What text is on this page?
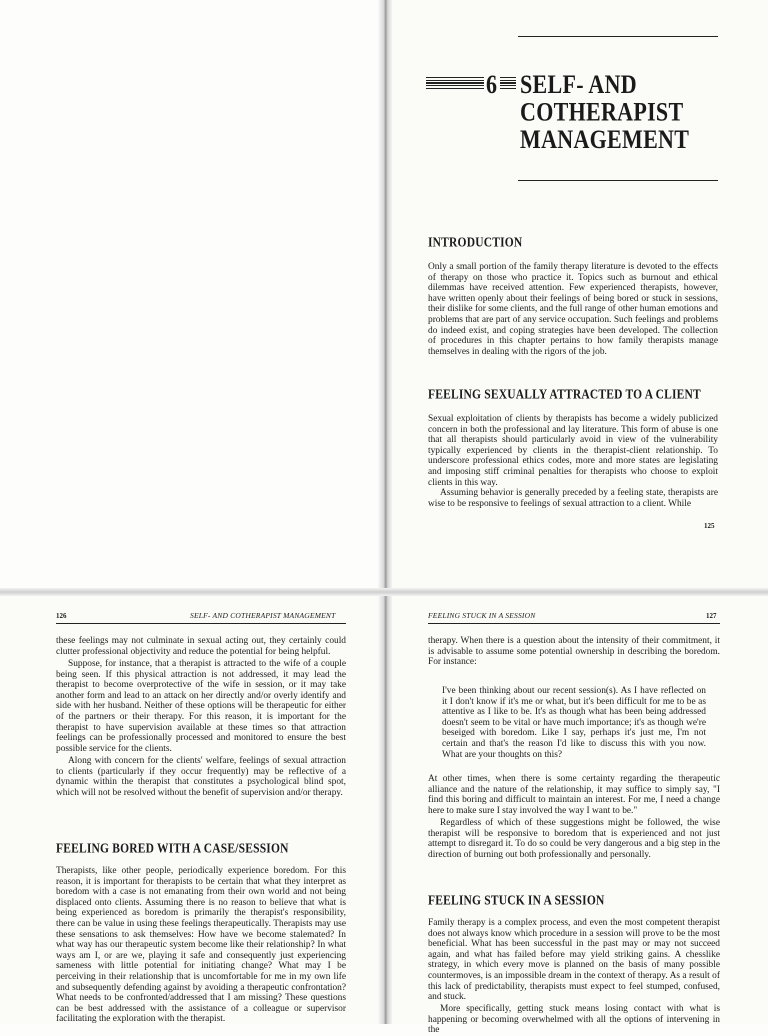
6 SELF- AND
COTHERAPIST
MANAGEMENT
INTRODUCTION

Only a small portion of the family therapy literature is devoted to the effects of therapy on those who practice it. Topics such as burnout and ethical dilemmas have received attention. Few experienced therapists, however, have written openly about their feelings of being bored or stuck in sessions, their dislike for some clients, and the full range of other human emotions and problems that are part of any service occupation. Such feelings and problems do indeed exist, and coping strategies have been developed. The collection of procedures in this chapter pertains to how family therapists manage themselves in dealing with the rigors of the job.

FEELING SEXUALLY ATTRACTED TO A CLIENT

Sexual exploitation of clients by therapists has become a widely publicized concern in both the professional and lay literature. This form of abuse is one that all therapists should particularly avoid in view of the vulnerability typically experienced by clients in the therapist-client relationship. To underscore professional ethics codes, more and more states are legislating and imposing stiff criminal penalties for therapists who choose to exploit clients in this way.

Assuming behavior is generally preceded by a feeling state, therapists are wise to be responsive to feelings of sexual attraction to a client. While

125
126	SELF- AND COTHERAPIST MANAGEMENT

these feelings may not culminate in sexual acting out, they certainly could clutter professional objectivity and reduce the potential for being helpful.

Suppose, for instance, that a therapist is attracted to the wife of a couple being seen. If this physical attraction is not addressed, it may lead the therapist to become overprotective of the wife in session, or it may take another form and lead to an attack on her directly and/or overly identify and side with her husband. Neither of these options will be therapeutic for either of the partners or their therapy. For this reason, it is important for the therapist to have supervision available at these times so that attraction feelings can be professionally processed and monitored to ensure the best possible service for the clients.

Along with concern for the clients' welfare, feelings of sexual attraction to clients (particularly if they occur frequently) may be reflective of a dynamic within the therapist that constitutes a psychological blind spot, which will not be resolved without the benefit of supervision and/or therapy.

FEELING BORED WITH A CASE/SESSION

Therapists, like other people, periodically experience boredom. For this reason, it is important for therapists to be certain that what they interpret as boredom with a case is not emanating from their own world and not being displaced onto clients. Assuming there is no reason to believe that what is being experienced as boredom is primarily the therapist's responsibility, there can be value in using these feelings therapeutically. Therapists may use these sensations to ask themselves: How have we become stalemated? In what way has our therapeutic system become like their relationship? In what ways am I, or are we, playing it safe and consequently just experiencing sameness with little potential for initiating change? What may I be perceiving in their relationship that is uncomfortable for me in my own life and subsequently defending against by avoiding a therapeutic confrontation? What needs to be confronted/addressed that I am missing? These questions can be best addressed with the assistance of a colleague or supervisor facilitating the exploration with the therapist.

FEELING STUCK IN A SESSION	127

therapy. When there is a question about the intensity of their commitment, it is advisable to assume some potential ownership in describing the boredom. For instance:

I've been thinking about our recent session(s). As I have reflected on it I don't know if it's me or what, but it's been difficult for me to be as attentive as I like to be. It's as though what has been being addressed doesn't seem to be vital or have much importance; it's as though we're beseiged with boredom. Like I say, perhaps it's just me, I'm not certain and that's the reason I'd like to discuss this with you now. What are your thoughts on this?

At other times, when there is some certainty regarding the therapeutic alliance and the nature of the relationship, it may suffice to simply say, "I find this boring and difficult to maintain an interest. For me, I need a change here to make sure I stay involved the way I want to be."

Regardless of which of these suggestions might be followed, the wise therapist will be responsive to boredom that is experienced and not just attempt to disregard it. To do so could be very dangerous and a big step in the direction of burning out both professionally and personally.

FEELING STUCK IN A SESSION

Family therapy is a complex process, and even the most competent therapist does not always know which procedure in a session will prove to be the most beneficial. What has been successful in the past may or may not succeed again, and what has failed before may yield striking gains. A chesslike strategy, in which every move is planned on the basis of many possible countermoves, is an impossible dream in the context of therapy. As a result of this lack of predictability, therapists must expect to feel stumped, confused, and stuck.

More specifically, getting stuck means losing contact with what is happening or becoming overwhelmed with all the options of intervening in the
